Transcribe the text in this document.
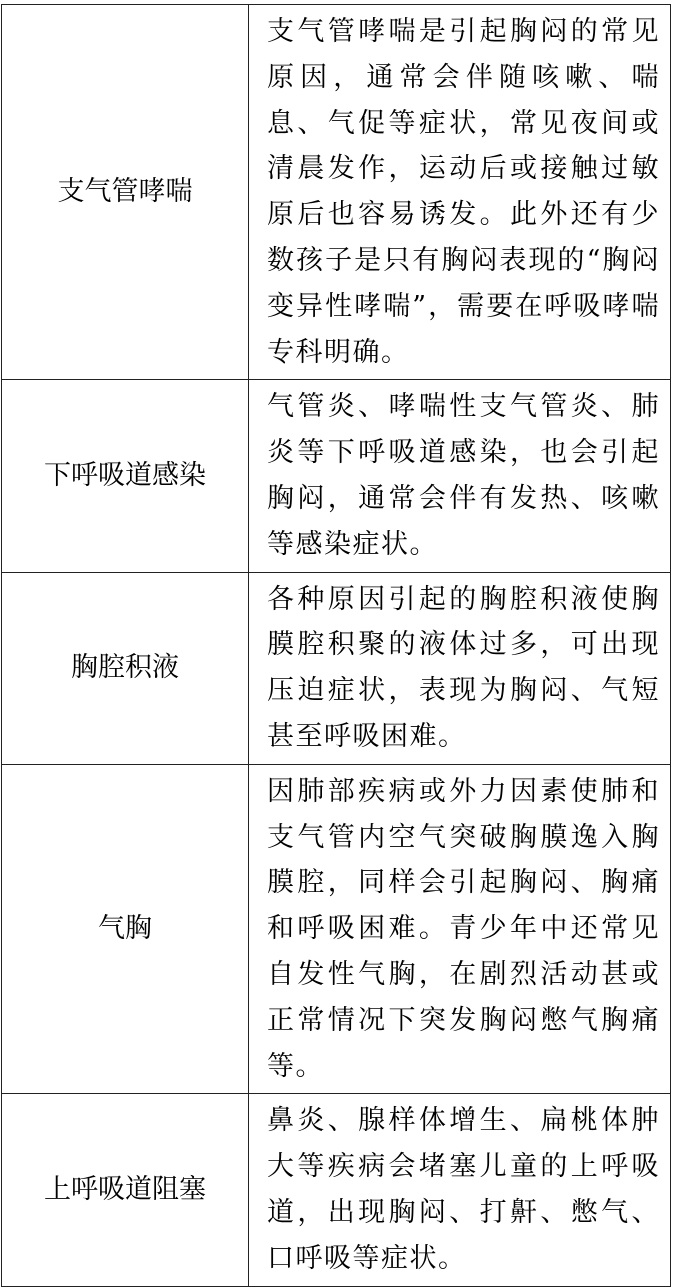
支气管哮喘	支气管哮喘是引起胸闷的常见原因，通常会伴随咳嗽、喘息、气促等症状，常见夜间或清晨发作，运动后或接触过敏原后也容易诱发。此外还有少数孩子是只有胸闷表现的“胸闷变异性哮喘”，需要在呼吸哮喘专科明确。
下呼吸道感染	气管炎、哮喘性支气管炎、肺炎等下呼吸道感染，也会引起胸闷，通常会伴有发热、咳嗽等感染症状。
胸腔积液	各种原因引起的胸腔积液使胸膜腔积聚的液体过多，可出现压迫症状，表现为胸闷、气短甚至呼吸困难。
气胸	因肺部疾病或外力因素使肺和支气管内空气突破胸膜逸入胸膜腔，同样会引起胸闷、胸痛和呼吸困难。青少年中还常见自发性气胸，在剧烈活动甚或正常情况下突发胸闷憋气胸痛等。
上呼吸道阻塞	鼻炎、腺样体增生、扁桃体肿大等疾病会堵塞儿童的上呼吸道，出现胸闷、打鼾、憋气、口呼吸等症状。
